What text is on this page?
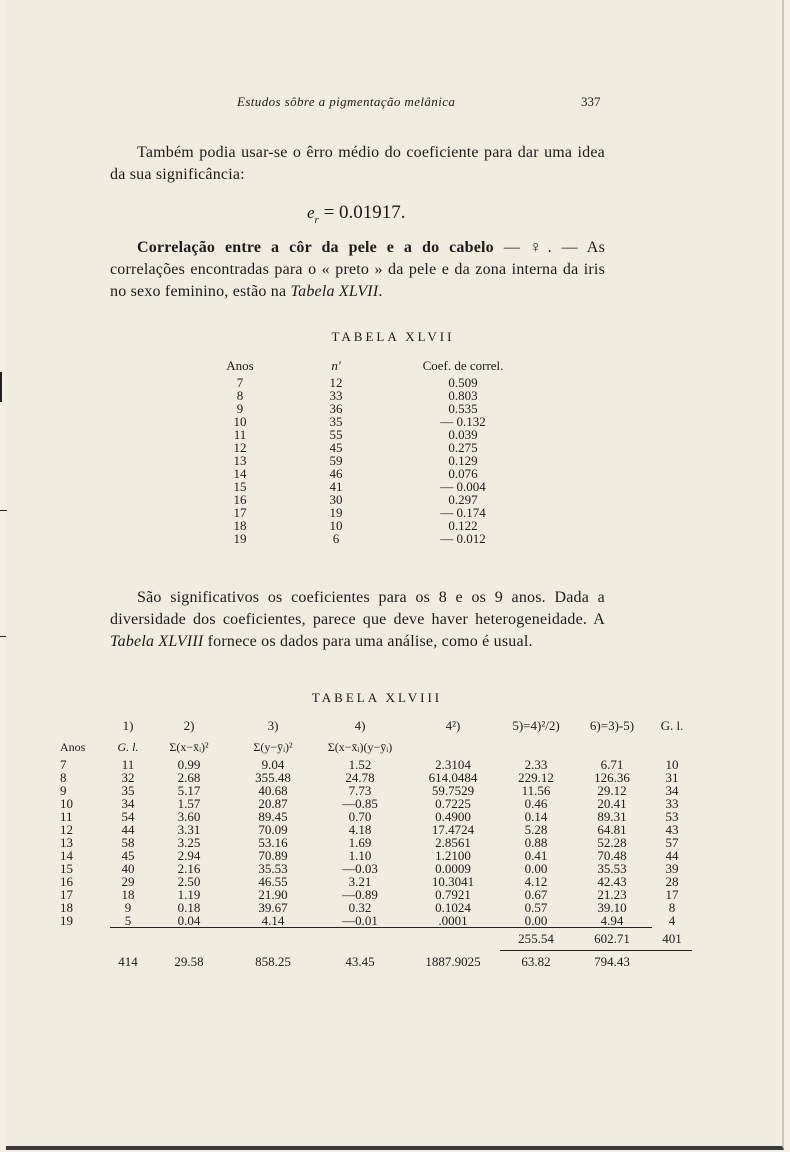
Estudos sôbre a pigmentação melânica	337
Também podia usar-se o êrro médio do coeficiente para dar uma idea da sua significância:
$e_r = 0.01917$.
Correlação entre a côr da pele e a do cabelo — ♀. — As correlações encontradas para o « preto » da pele e da zona interna da iris no sexo feminino, estão na Tabela XLVII.
TABELA XLVII
Anos	n'	Coef. de correl.
7	12	0.509
8	33	0.803
9	36	0.535
10	35	— 0.132
11	55	0.039
12	45	0.275
13	59	0.129
14	46	0.076
15	41	— 0.004
16	30	0.297
17	19	— 0.174
18	10	0.122
19	6	— 0.012
São significativos os coeficientes para os 8 e os 9 anos. Dada a diversidade dos coeficientes, parece que deve haver heterogeneidade. A Tabela XLVIII fornece os dados para uma análise, como é usual.
TABELA XLVIII
	1)	2)	3)	4)	4²)	5)=4)²/2)	6)=3)-5)	G. l.
Anos	G. l.	Σ(x−x̄ᵢ)²	Σ(y−ȳᵢ)²	Σ(x−x̄ᵢ)(y−ȳᵢ)				
7	11	0.99	9.04	1.52	2.3104	2.33	6.71	10
8	32	2.68	355.48	24.78	614.0484	229.12	126.36	31
9	35	5.17	40.68	7.73	59.7529	11.56	29.12	34
10	34	1.57	20.87	—0.85	0.7225	0.46	20.41	33
11	54	3.60	89.45	0.70	0.4900	0.14	89.31	53
12	44	3.31	70.09	4.18	17.4724	5.28	64.81	43
13	58	3.25	53.16	1.69	2.8561	0.88	52.28	57
14	45	2.94	70.89	1.10	1.2100	0.41	70.48	44
15	40	2.16	35.53	—0.03	0.0009	0.00	35.53	39
16	29	2.50	46.55	3.21	10.3041	4.12	42.43	28
17	18	1.19	21.90	—0.89	0.7921	0.67	21.23	17
18	9	0.18	39.67	0.32	0.1024	0.57	39.10	8
19	5	0.04	4.14	—0.01	.0001	0.00	4.94	4
						255.54	602.71	401
	414	29.58	858.25	43.45	1887.9025	63.82	794.43	
